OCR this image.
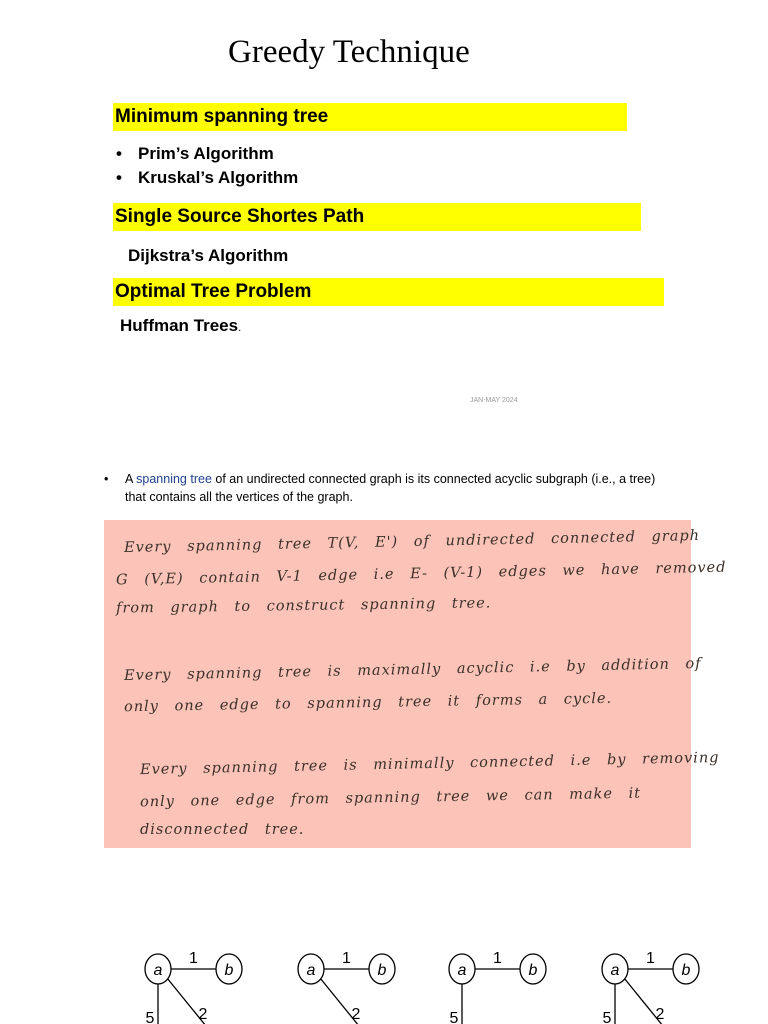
Greedy Technique
Minimum spanning tree
• Prim’s Algorithm
• Kruskal’s Algorithm
Single Source Shortes Path
Dijkstra’s Algorithm
Optimal Tree Problem
Huffman Trees.
JAN-MAY 2024
• A spanning tree of an undirected connected graph is its connected acyclic subgraph (i.e., a tree)
that contains all the vertices of the graph.
Every spanning tree T(V, E') of undirected connected graph
G (V,E) contain V-1 edge i.e E- (V-1) edges we have removed
from graph to construct spanning tree.
Every spanning tree is maximally acyclic i.e by addition of
only one edge to spanning tree it forms a cycle.
Every spanning tree is minimally connected i.e by removing
only one edge from spanning tree we can make it
disconnected tree.
a	b
1
5	2
a	b
1
2
a	b
1
5
a	b
1
5	2
